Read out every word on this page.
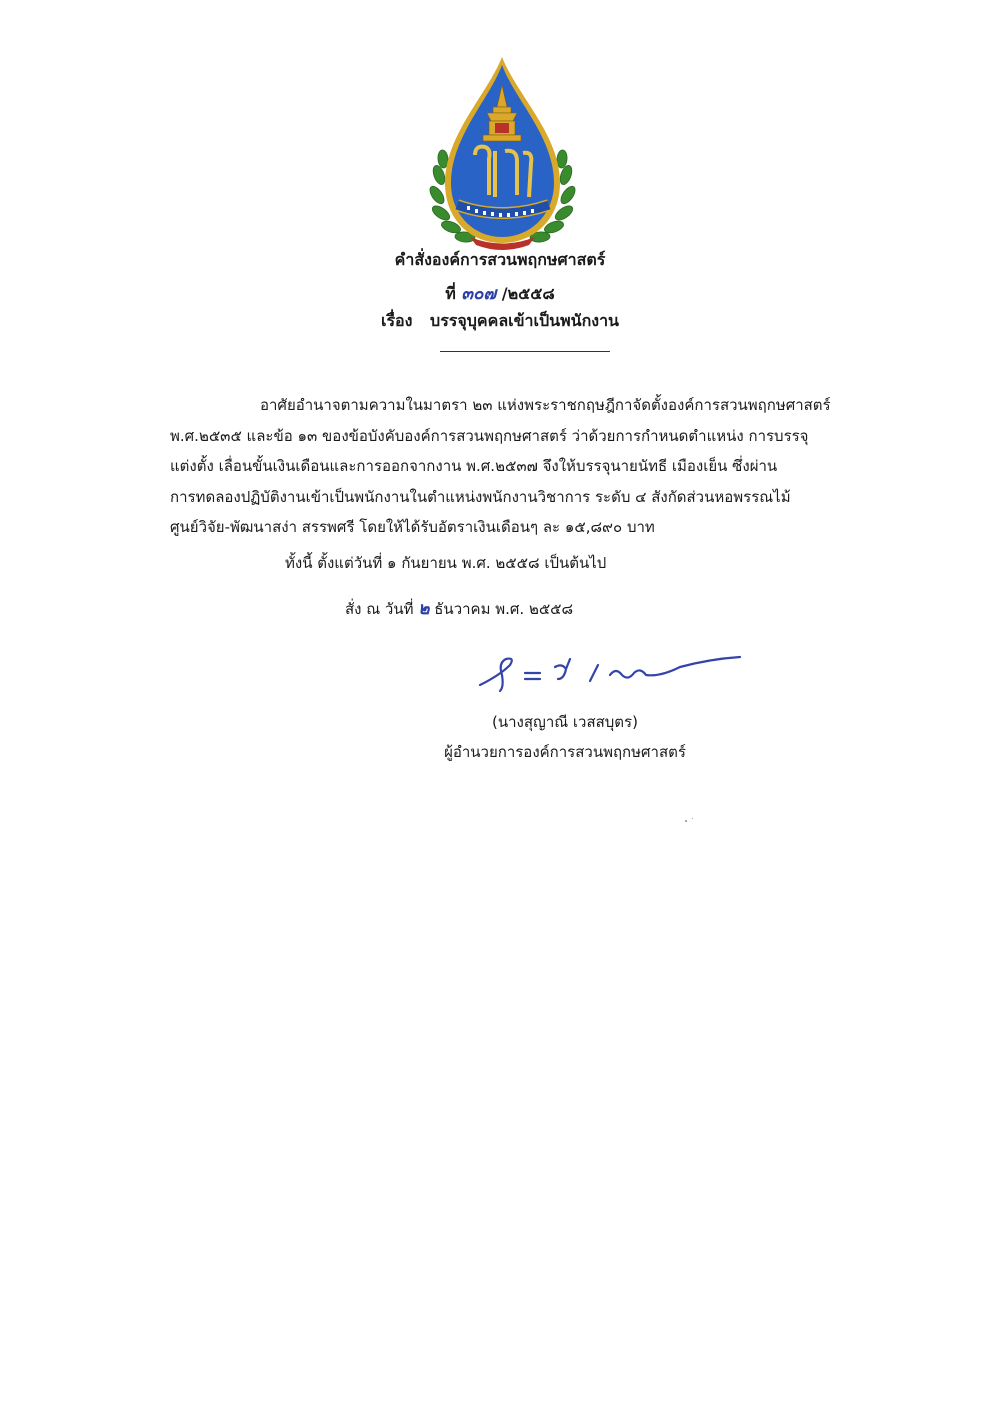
คำสั่งองค์การสวนพฤกษศาสตร์
ที่ ๓๐๗ /๒๕๕๘
เรื่อง บรรจุบุคคลเข้าเป็นพนักงาน
อาศัยอำนาจตามความในมาตรา ๒๓ แห่งพระราชกฤษฎีกาจัดตั้งองค์การสวนพฤกษศาสตร์
พ.ศ.๒๕๓๕ และข้อ ๑๓ ของข้อบังคับองค์การสวนพฤกษศาสตร์ ว่าด้วยการกำหนดตำแหน่ง การบรรจุ
แต่งตั้ง เลื่อนขั้นเงินเดือนและการออกจากงาน พ.ศ.๒๕๓๗ จึงให้บรรจุนายนัทธี เมืองเย็น ซึ่งผ่าน
การทดลองปฏิบัติงานเข้าเป็นพนักงานในตำแหน่งพนักงานวิชาการ ระดับ ๔ สังกัดส่วนหอพรรณไม้
ศูนย์วิจัย-พัฒนาสง่า สรรพศรี โดยให้ได้รับอัตราเงินเดือนๆ ละ ๑๕,๘๙๐ บาท
ทั้งนี้ ตั้งแต่วันที่ ๑ กันยายน พ.ศ. ๒๕๕๘ เป็นต้นไป
สั่ง ณ วันที่ ๒ ธันวาคม พ.ศ. ๒๕๕๘
(นางสุญาณี เวสสบุตร)
ผู้อำนวยการองค์การสวนพฤกษศาสตร์
